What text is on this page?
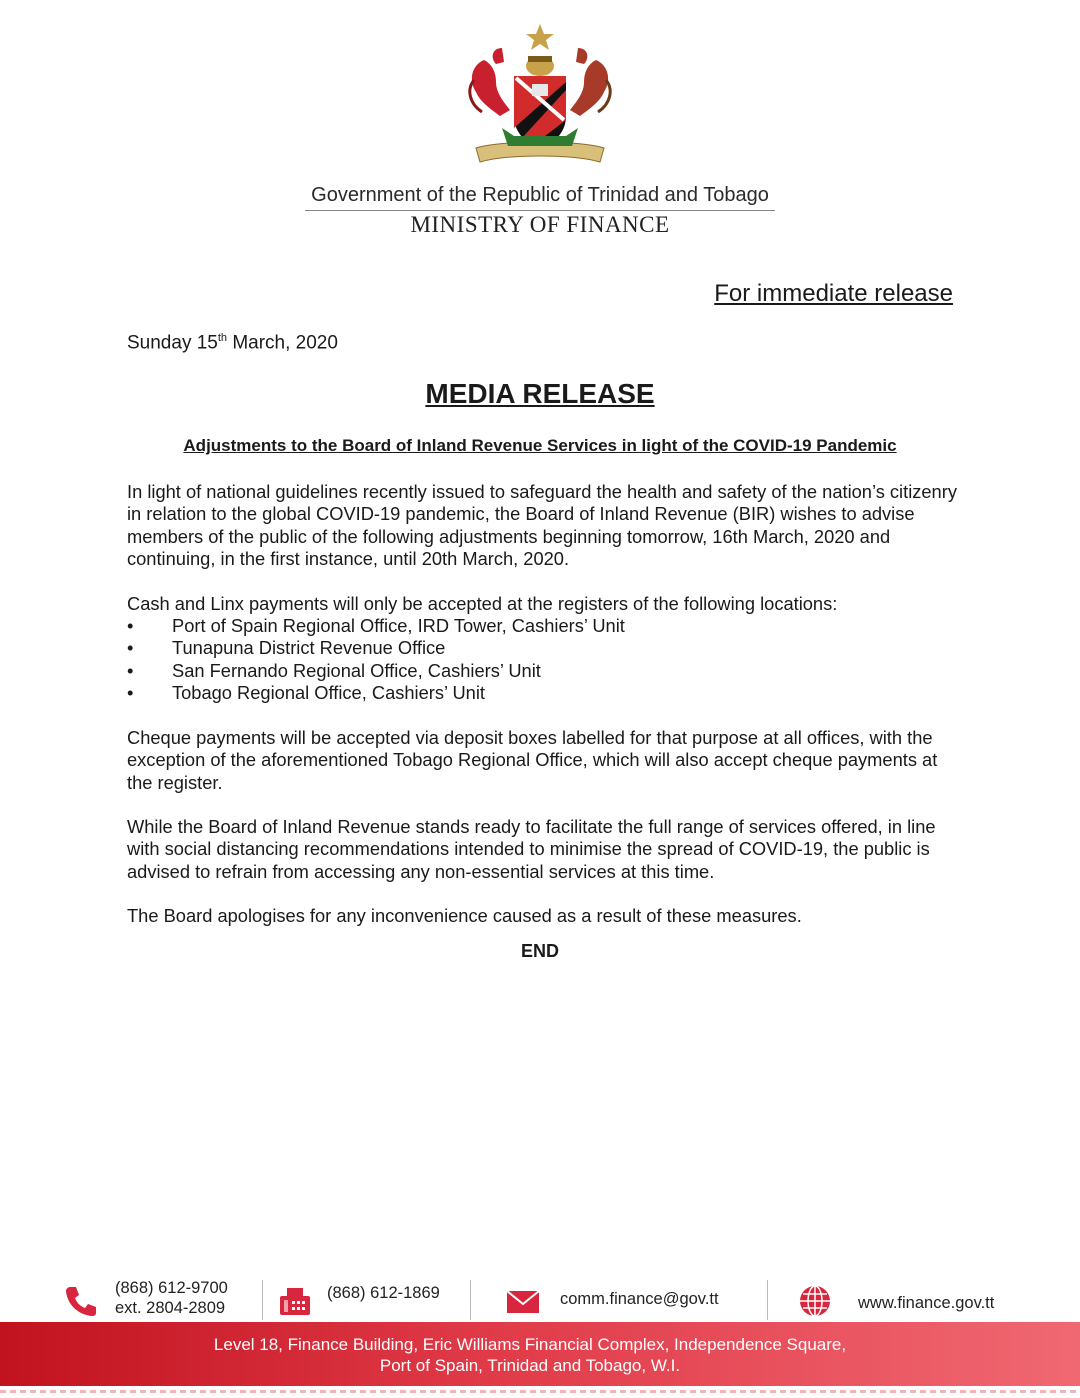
Government of the Republic of Trinidad and Tobago
MINISTRY OF FINANCE
For immediate release
Sunday 15th March, 2020
MEDIA RELEASE
Adjustments to the Board of Inland Revenue Services in light of the COVID-19 Pandemic

In light of national guidelines recently issued to safeguard the health and safety of the nation’s citizenry in relation to the global COVID-19 pandemic, the Board of Inland Revenue (BIR) wishes to advise members of the public of the following adjustments beginning tomorrow, 16th March, 2020 and continuing, in the first instance, until 20th March, 2020.

Cash and Linx payments will only be accepted at the registers of the following locations:

• Port of Spain Regional Office, IRD Tower, Cashiers’ Unit
• Tunapuna District Revenue Office
• San Fernando Regional Office, Cashiers’ Unit
• Tobago Regional Office, Cashiers’ Unit

Cheque payments will be accepted via deposit boxes labelled for that purpose at all offices, with the exception of the aforementioned Tobago Regional Office, which will also accept cheque payments at the register.

While the Board of Inland Revenue stands ready to facilitate the full range of services offered, in line with social distancing recommendations intended to minimise the spread of COVID-19, the public is advised to refrain from accessing any non-essential services at this time.

The Board apologises for any inconvenience caused as a result of these measures.

END
(868) 612-9700
ext. 2804-2809
(868) 612-1869	comm.finance@gov.tt	www.finance.gov.tt
Level 18, Finance Building, Eric Williams Financial Complex, Independence Square,
Port of Spain, Trinidad and Tobago, W.I.
